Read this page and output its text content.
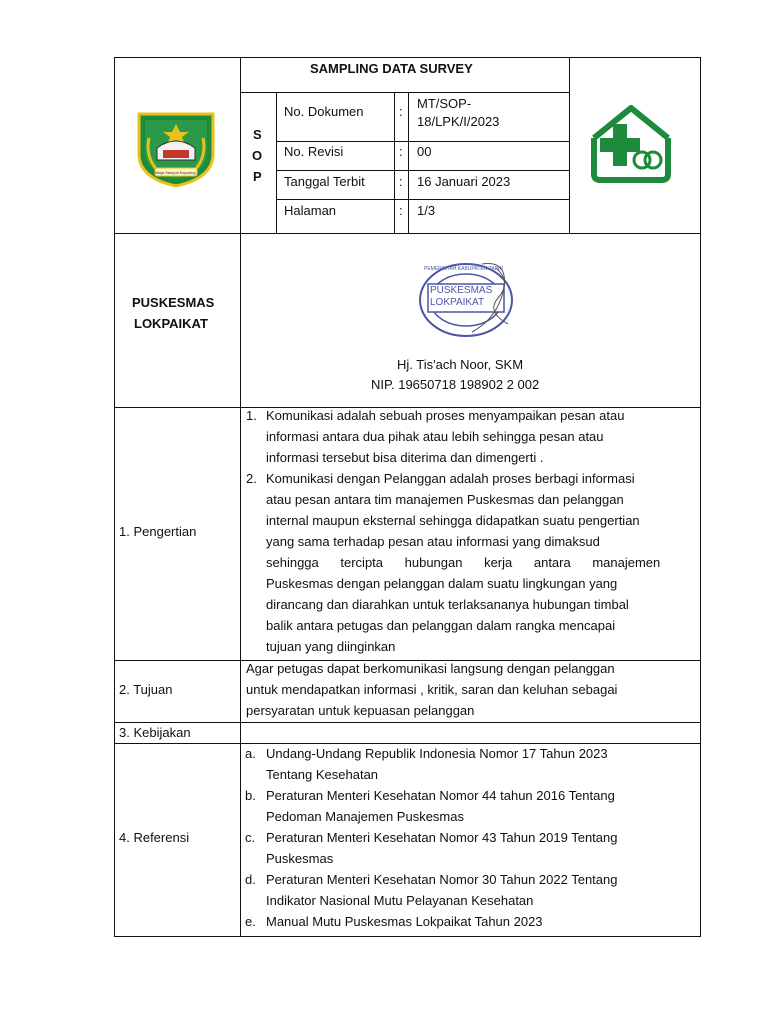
SAMPLING DATA SURVEY
S
O
P
No. Dokumen	:
MT/SOP-
18/LPK/I/2023
No. Revisi	: 00
Tanggal Terbit	: 16 Januari 2023
Halaman	: 1/3
Waja Sampai Kaputing
PUSKESMAS
LOKPAIKAT
PEMERINTAH KABUPATEN TAPIN
PUSKESMAS
LOKPAIKAT
Hj. Tis'ach Noor, SKM
NIP. 19650718 198902 2 002
1. Pengertian
1. Komunikasi adalah sebuah proses menyampaikan pesan atau
informasi antara dua pihak atau lebih sehingga pesan atau
informasi tersebut bisa diterima dan dimengerti .
2. Komunikasi dengan Pelanggan adalah proses berbagi informasi
atau pesan antara tim manajemen Puskesmas dan pelanggan
internal maupun eksternal sehingga didapatkan suatu pengertian
yang sama terhadap pesan atau informasi yang dimaksud
sehingga tercipta hubungan kerja antara manajemen
Puskesmas dengan pelanggan dalam suatu lingkungan yang
dirancang dan diarahkan untuk terlaksananya hubungan timbal
balik antara petugas dan pelanggan dalam rangka mencapai
tujuan yang diinginkan
2. Tujuan
Agar petugas dapat berkomunikasi langsung dengan pelanggan
untuk mendapatkan informasi , kritik, saran dan keluhan sebagai
persyaratan untuk kepuasan pelanggan
3. Kebijakan
4. Referensi
a. Undang-Undang Republik Indonesia Nomor 17 Tahun 2023
Tentang Kesehatan
b. Peraturan Menteri Kesehatan Nomor 44 tahun 2016 Tentang
Pedoman Manajemen Puskesmas
c. Peraturan Menteri Kesehatan Nomor 43 Tahun 2019 Tentang
Puskesmas
d. Peraturan Menteri Kesehatan Nomor 30 Tahun 2022 Tentang
Indikator Nasional Mutu Pelayanan Kesehatan
e. Manual Mutu Puskesmas Lokpaikat Tahun 2023
